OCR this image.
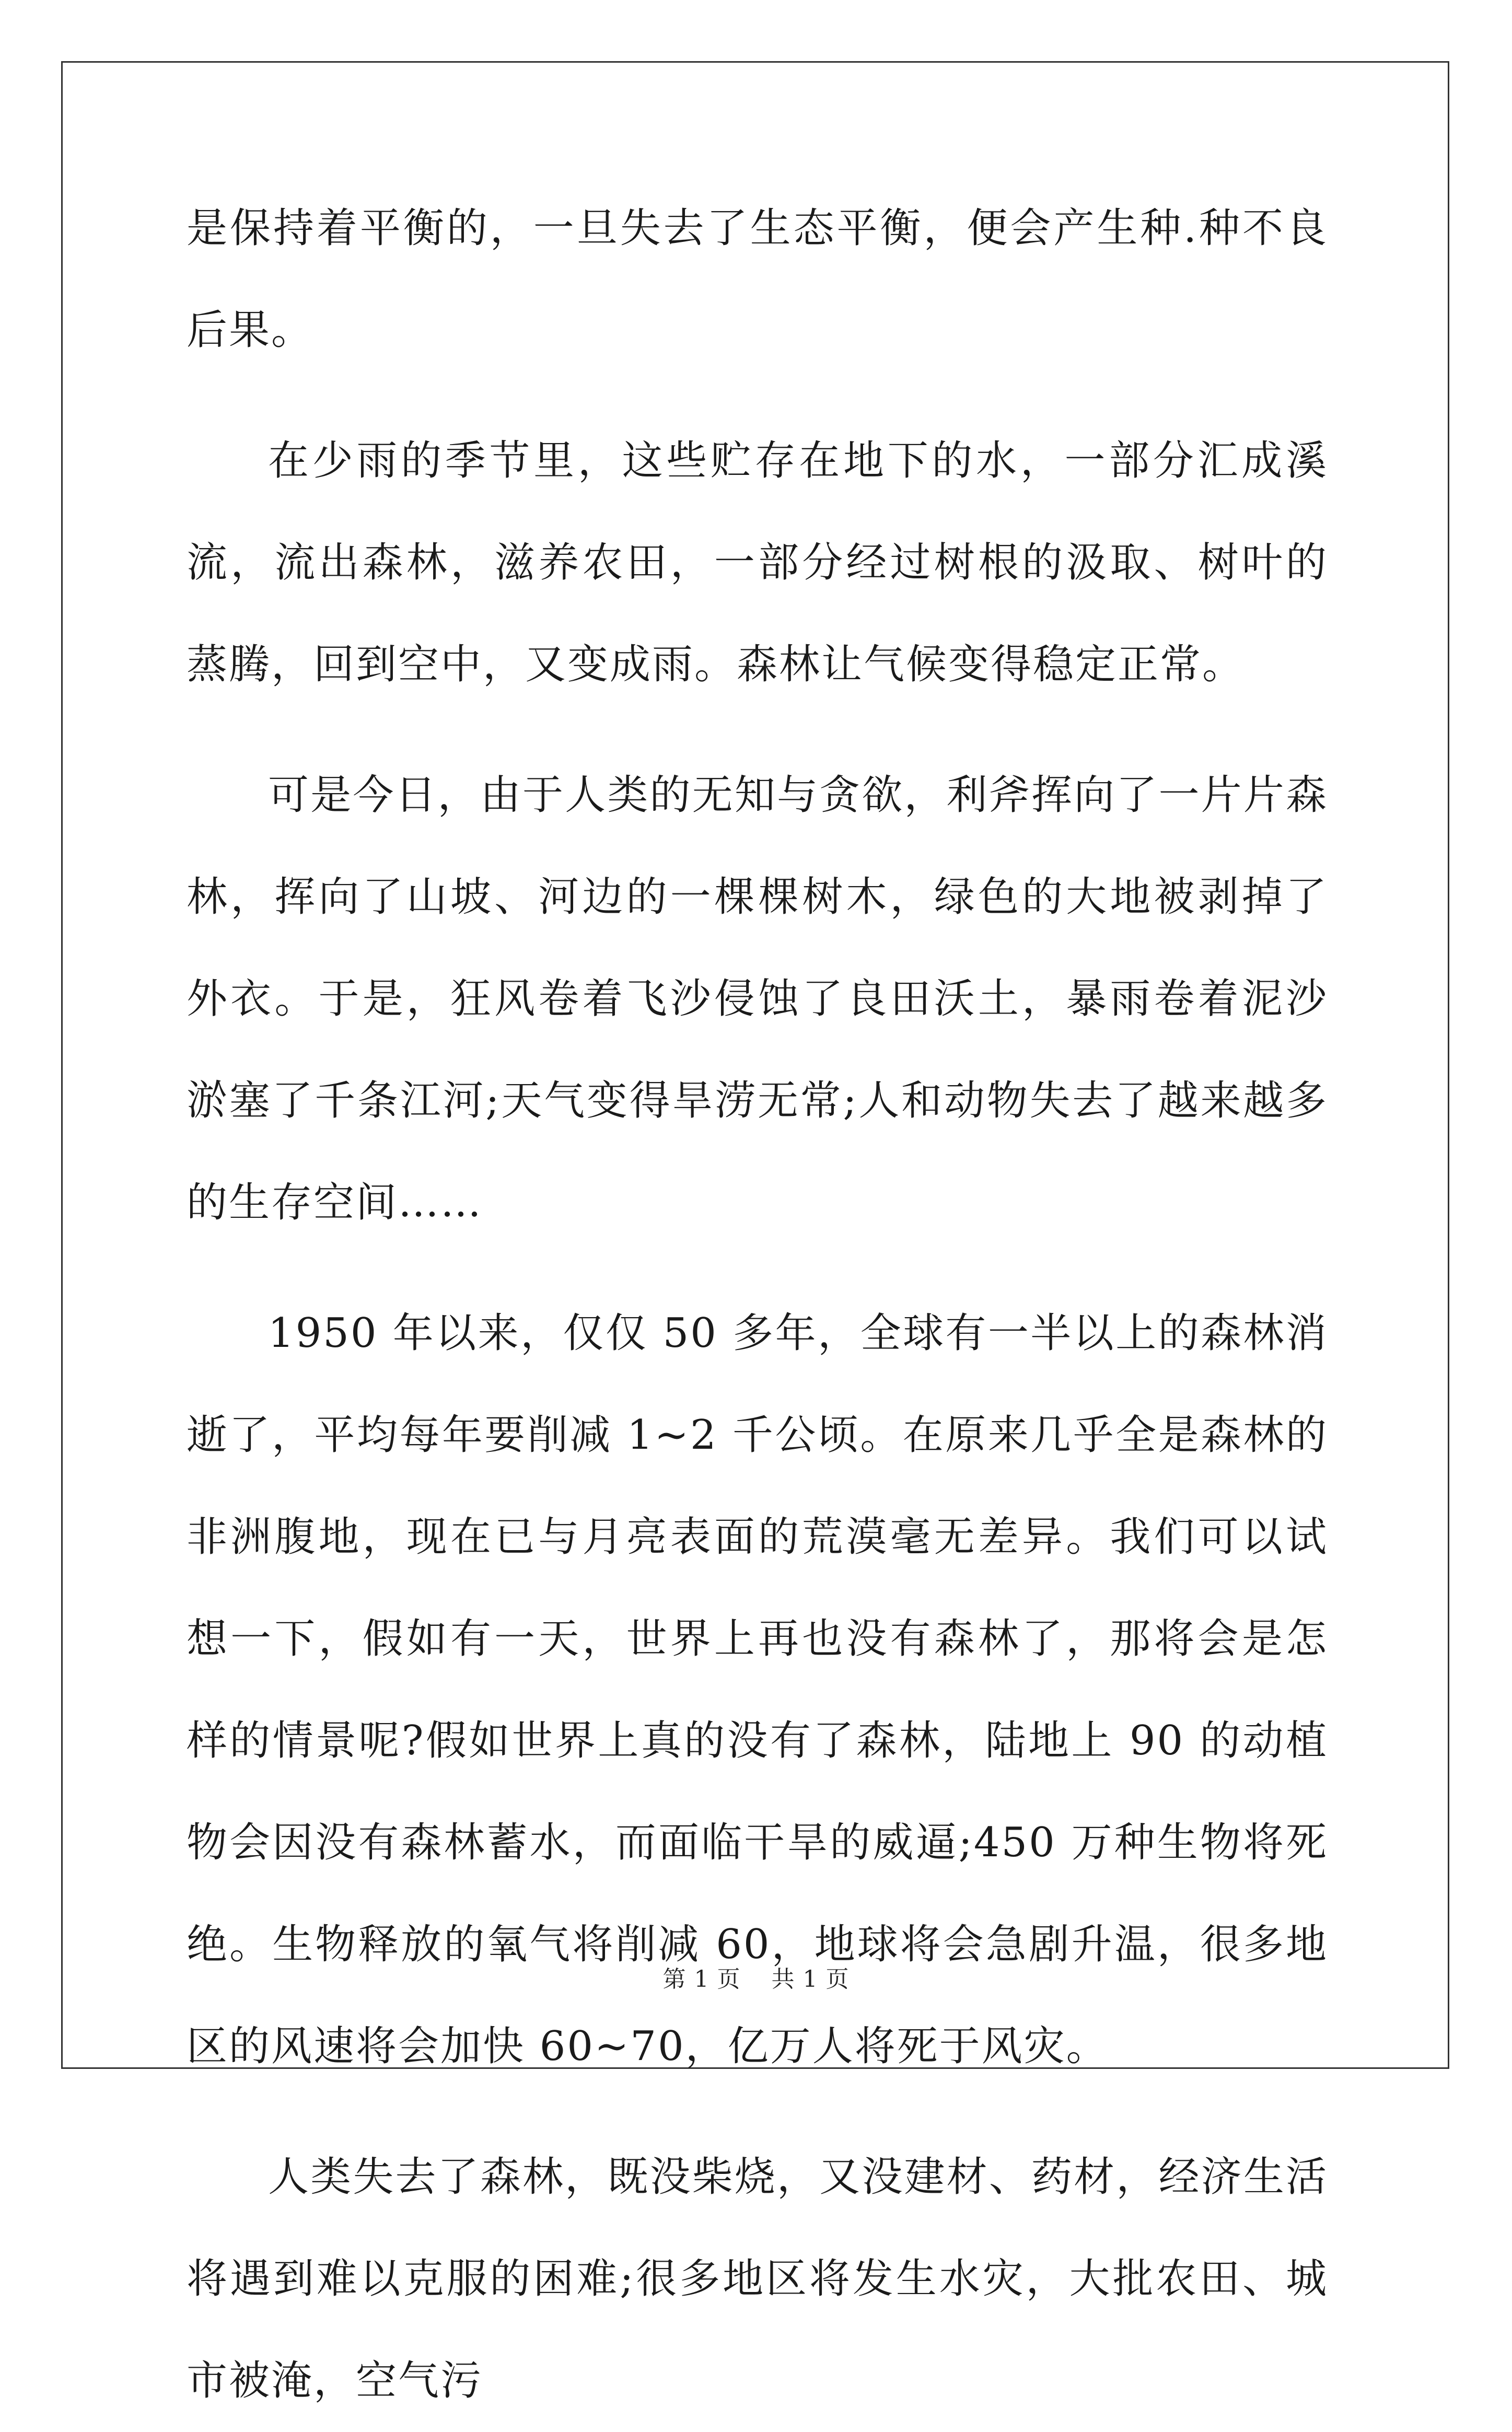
是保持着平衡的，一旦失去了生态平衡，便会产生种.种不良后果。

在少雨的季节里，这些贮存在地下的水，一部分汇成溪流，流出森林，滋养农田，一部分经过树根的汲取、树叶的蒸腾，回到空中，又变成雨。森林让气候变得稳定正常。

可是今日，由于人类的无知与贪欲，利斧挥向了一片片森林，挥向了山坡、河边的一棵棵树木，绿色的大地被剥掉了外衣。于是，狂风卷着飞沙侵蚀了良田沃土，暴雨卷着泥沙淤塞了千条江河;天气变得旱涝无常;人和动物失去了越来越多的生存空间……

1950 年以来，仅仅 50 多年，全球有一半以上的森林消逝了，平均每年要削减 1~2 千公顷。在原来几乎全是森林的非洲腹地，现在已与月亮表面的荒漠毫无差异。我们可以试想一下，假如有一天，世界上再也没有森林了，那将会是怎样的情景呢?假如世界上真的没有了森林，陆地上 90 的动植物会因没有森林蓄水，而面临干旱的威逼;450 万种生物将死绝。生物释放的氧气将削减 60，地球将会急剧升温，很多地区的风速将会加快 60~70，亿万人将死于风灾。

人类失去了森林，既没柴烧，又没建材、药材，经济生活将遇到难以克服的困难;很多地区将发生水灾，大批农田、城市被淹，空气污

第 1 页 共 1 页
